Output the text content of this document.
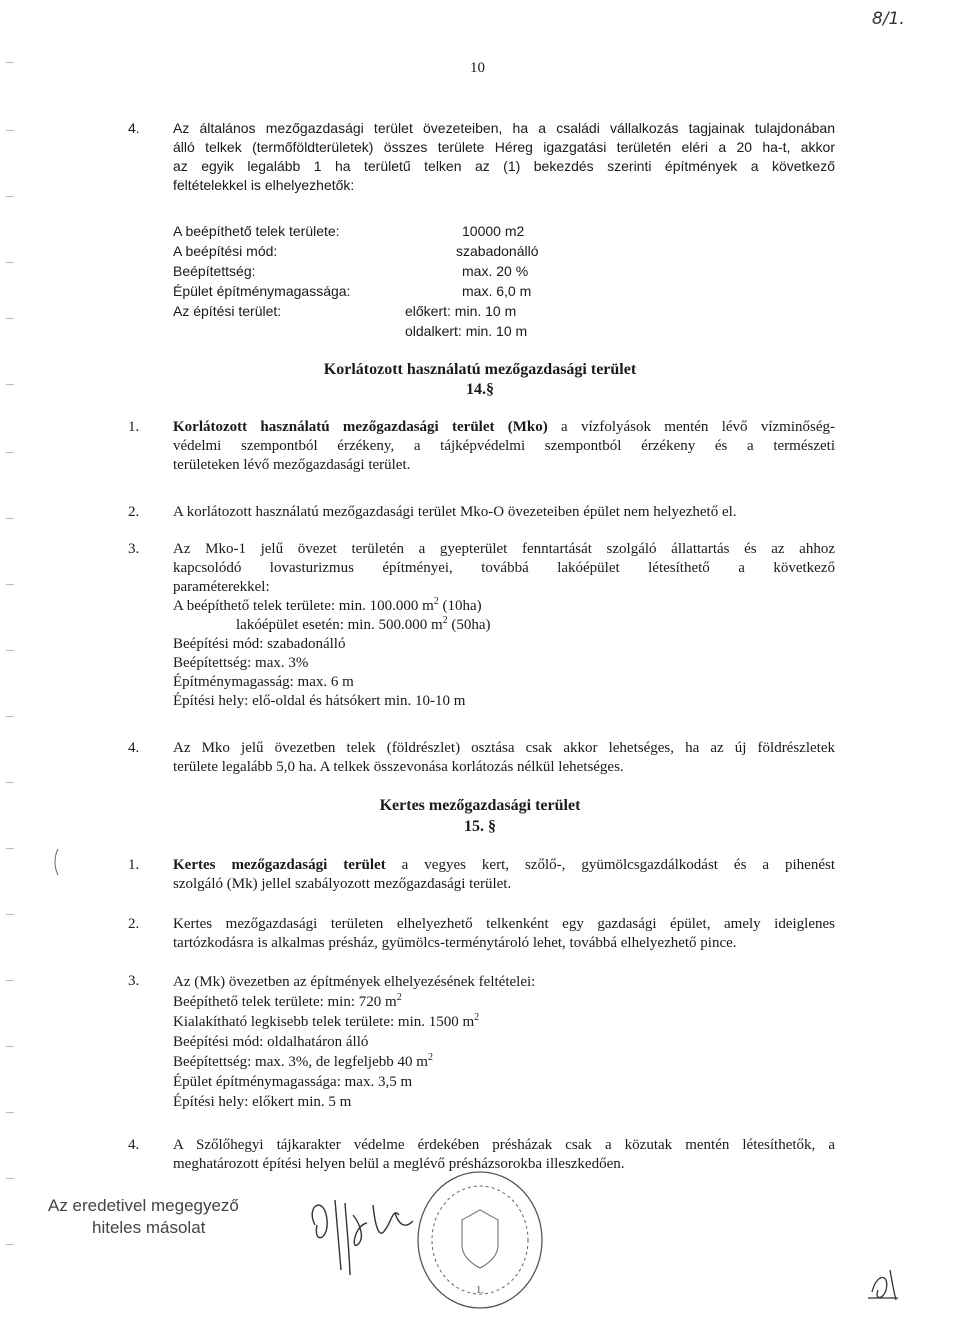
10
8/1.
4. Az általános mezőgazdasági terület övezeteiben, ha a családi vállalkozás tagjainak tulajdonában

álló telkek (termőföldterületek) összes területe Héreg igazgatási területén eléri a 20 ha-t, akkor

az egyik legalább 1 ha területű telken az (1) bekezdés szerinti építmények a következő

feltételekkel is elhelyezhetők:

A beépíthető telek területe:	10000 m2
A beépítési mód:	szabadonálló
Beépítettség:	max. 20 %
Épület építménymagassága:	max. 6,0 m
Az építési terület:	előkert: min. 10 m
oldalkert: min. 10 m
Korlátozott használatú mezőgazdasági terület
14.§
1. Korlátozott használatú mezőgazdasági terület (Mko) a vízfolyások mentén lévő vízminőség-

védelmi szempontból érzékeny, a tájképvédelmi szempontból érzékeny és a természeti

területeken lévő mezőgazdasági terület.

2. A korlátozott használatú mezőgazdasági terület Mko-O övezeteiben épület nem helyezhető el.

3. Az Mko-1 jelű övezet területén a gyepterület fenntartását szolgáló állattartás és az ahhoz

kapcsolódó lovasturizmus építményei, továbbá lakóépület létesíthető a következő

paraméterekkel:

A beépíthető telek területe: min. 100.000 $m^2$ (10ha)

lakóépület esetén: min. 500.000 $m^2$ (50ha)

Beépítési mód: szabadonálló

Beépítettség: max. 3%

Építménymagasság: max. 6 m

Építési hely: elő-oldal és hátsókert min. 10-10 m

4. Az Mko jelű övezetben telek (földrészlet) osztása csak akkor lehetséges, ha az új földrészletek

területe legalább 5,0 ha. A telkek összevonása korlátozás nélkül lehetséges.

Kertes mezőgazdasági terület
15. §
1. Kertes mezőgazdasági terület a vegyes kert, szőlő-, gyümölcsgazdálkodást és a pihenést

szolgáló (Mk) jellel szabályozott mezőgazdasági terület.

2. Kertes mezőgazdasági területen elhelyezhető telkenként egy gazdasági épület, amely ideiglenes

tartózkodásra is alkalmas présház, gyümölcs-terménytároló lehet, továbbá elhelyezhető pince.

3. Az (Mk) övezetben az építmények elhelyezésének feltételei:

Beépíthető telek területe: min: 720 $m^2$

Kialakítható legkisebb telek területe: min. 1500 $m^2$

Beépítési mód: oldalhatáron álló

Beépítettség: max. 3%, de legfeljebb 40 $m^2$

Épület építménymagassága: max. 3,5 m

Építési hely: előkert min. 5 m

4. A Szőlőhegyi tájkarakter védelme érdekében présházak csak a közutak mentén létesíthetők, a

meghatározott építési helyen belül a meglévő présházsorokba illeszkedően.

Az eredetivel megegyező
hiteles másolat
1.
